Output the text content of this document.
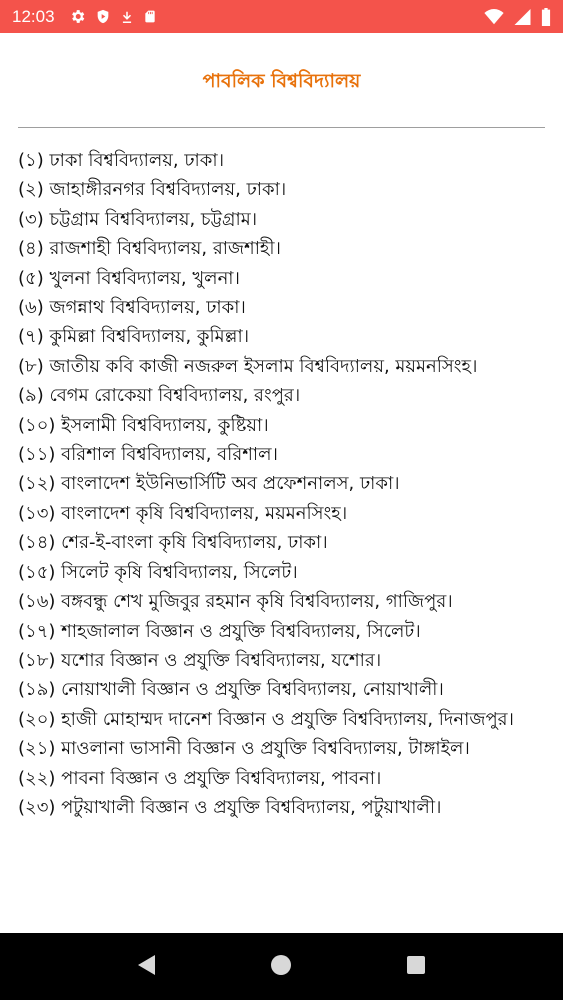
12:03
পাবলিক বিশ্ববিদ্যালয়
(১) ঢাকা বিশ্ববিদ্যালয়, ঢাকা।
(২) জাহাঙ্গীরনগর বিশ্ববিদ্যালয়, ঢাকা।
(৩) চট্টগ্রাম বিশ্ববিদ্যালয়, চট্টগ্রাম।
(৪) রাজশাহী বিশ্ববিদ্যালয়, রাজশাহী।
(৫) খুলনা বিশ্ববিদ্যালয়, খুলনা।
(৬) জগন্নাথ বিশ্ববিদ্যালয়, ঢাকা।
(৭) কুমিল্লা বিশ্ববিদ্যালয়, কুমিল্লা।
(৮) জাতীয় কবি কাজী নজরুল ইসলাম বিশ্ববিদ্যালয়, ময়মনসিংহ।
(৯) বেগম রোকেয়া বিশ্ববিদ্যালয়, রংপুর।
(১০) ইসলামী বিশ্ববিদ্যালয়, কুষ্টিয়া।
(১১) বরিশাল বিশ্ববিদ্যালয়, বরিশাল।
(১২) বাংলাদেশ ইউনিভার্সিটি অব প্রফেশনালস, ঢাকা।
(১৩) বাংলাদেশ কৃষি বিশ্ববিদ্যালয়, ময়মনসিংহ।
(১৪) শের-ই-বাংলা কৃষি বিশ্ববিদ্যালয়, ঢাকা।
(১৫) সিলেট কৃষি বিশ্ববিদ্যালয়, সিলেট।
(১৬) বঙ্গবন্ধু শেখ মুজিবুর রহমান কৃষি বিশ্ববিদ্যালয়, গাজিপুর।
(১৭) শাহজালাল বিজ্ঞান ও প্রযুক্তি বিশ্ববিদ্যালয়, সিলেট।
(১৮) যশোর বিজ্ঞান ও প্রযুক্তি বিশ্ববিদ্যালয়, যশোর।
(১৯) নোয়াখালী বিজ্ঞান ও প্রযুক্তি বিশ্ববিদ্যালয়, নোয়াখালী।
(২০) হাজী মোহাম্মদ দানেশ বিজ্ঞান ও প্রযুক্তি বিশ্ববিদ্যালয়, দিনাজপুর।
(২১) মাওলানা ভাসানী বিজ্ঞান ও প্রযুক্তি বিশ্ববিদ্যালয়, টাঙ্গাইল।
(২২) পাবনা বিজ্ঞান ও প্রযুক্তি বিশ্ববিদ্যালয়, পাবনা।
(২৩) পটুয়াখালী বিজ্ঞান ও প্রযুক্তি বিশ্ববিদ্যালয়, পটুয়াখালী।
